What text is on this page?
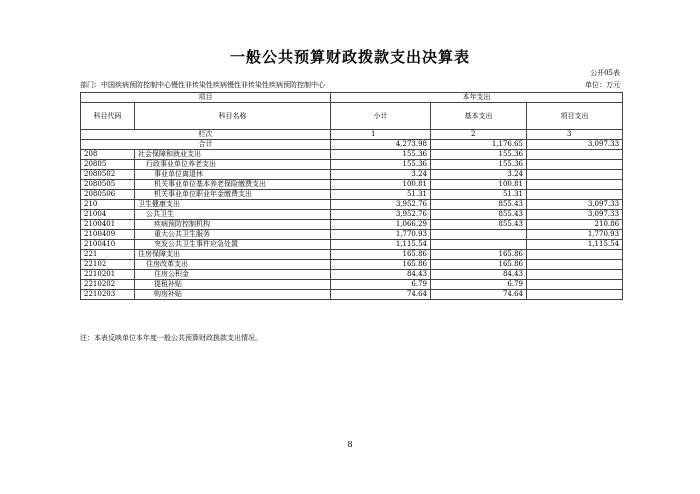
一般公共预算财政拨款支出决算表
公开05表
部门：中国疾病预防控制中心慢性非传染性疾病慢性非传染性疾病预防控制中心	单位：万元
项目		本年支出		
科目代码	科目名称	小计	基本支出	项目支出
栏次		1	2	3
合计		4,273.98	1,176.65	3,097.33
208	社会保障和就业支出	155.36	155.36	
20805	行政事业单位养老支出	155.36	155.36	
2080502	事业单位离退休	3.24	3.24	
2080505	机关事业单位基本养老保险缴费支出	100.81	100.81	
2080506	机关事业单位职业年金缴费支出	51.31	51.31	
210	卫生健康支出	3,952.76	855.43	3,097.33
21004	公共卫生	3,952.76	855.43	3,097.33
2100401	疾病预防控制机构	1,066.29	855.43	210.86
2100409	重大公共卫生服务	1,770.93		1,770.93
2100410	突发公共卫生事件应急处置	1,115.54		1,115.54
221	住房保障支出	165.86	165.86	
22102	住房改革支出	165.86	165.86	
2210201	住房公积金	84.43	84.43	
2210202	提租补贴	6.79	6.79	
2210203	购房补贴	74.64	74.64	
注：本表反映单位本年度一般公共预算财政拨款支出情况。
8
